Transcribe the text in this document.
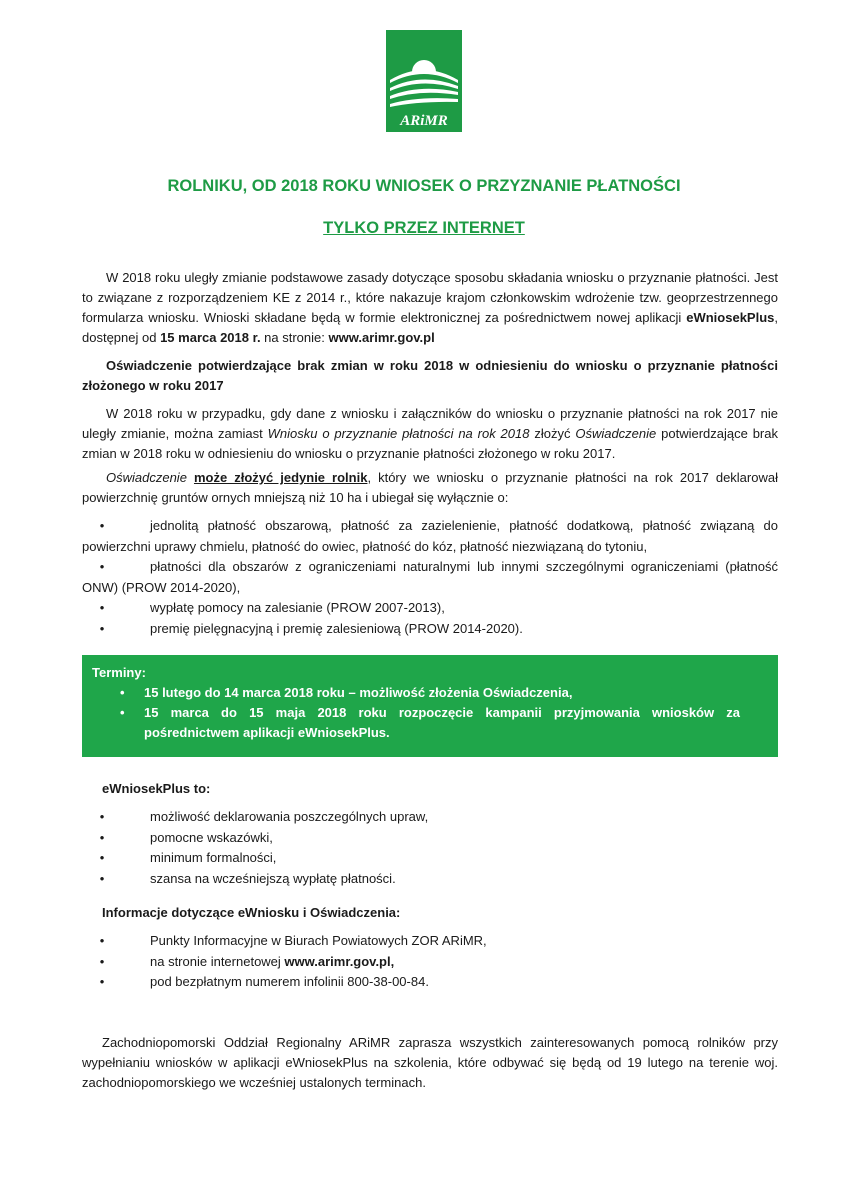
ARiMR
ROLNIKU, OD 2018 ROKU WNIOSEK O PRZYZNANIE PŁATNOŚCI
TYLKO PRZEZ INTERNET

W 2018 roku uległy zmianie podstawowe zasady dotyczące sposobu składania wniosku o przyznanie płatności. Jest to związane z rozporządzeniem KE z 2014 r., które nakazuje krajom członkowskim wdrożenie tzw. geoprzestrzennego formularza wniosku. Wnioski składane będą w formie elektronicznej za pośrednictwem nowej aplikacji eWniosekPlus, dostępnej od 15 marca 2018 r. na stronie: www.arimr.gov.pl

Oświadczenie potwierdzające brak zmian w roku 2018 w odniesieniu do wniosku o przyznanie płatności złożonego w roku 2017

W 2018 roku w przypadku, gdy dane z wniosku i załączników do wniosku o przyznanie płatności na rok 2017 nie uległy zmianie, można zamiast Wniosku o przyznanie płatności na rok 2018 złożyć Oświadczenie potwierdzające brak zmian w 2018 roku w odniesieniu do wniosku o przyznanie płatności złożonego w roku 2017.

Oświadczenie może złożyć jedynie rolnik, który we wniosku o przyznanie płatności na rok 2017 deklarował powierzchnię gruntów ornych mniejszą niż 10 ha i ubiegał się wyłącznie o:

• jednolitą płatność obszarową, płatność za zazielenienie, płatność dodatkową, płatność związaną do powierzchni uprawy chmielu, płatność do owiec, płatność do kóz, płatność niezwiązaną do tytoniu,
• płatności dla obszarów z ograniczeniami naturalnymi lub innymi szczególnymi ograniczeniami (płatność ONW) (PROW 2014-2020),
• wypłatę pomocy na zalesianie (PROW 2007-2013),
• premię pielęgnacyjną i premię zalesieniową (PROW 2014-2020).

Terminy:

• 15 lutego do 14 marca 2018 roku – możliwość złożenia Oświadczenia,
• 15 marca do 15 maja 2018 roku rozpoczęcie kampanii przyjmowania wniosków za pośrednictwem aplikacji eWniosekPlus.

eWniosekPlus to:

• możliwość deklarowania poszczególnych upraw,
• pomocne wskazówki,
• minimum formalności,
• szansa na wcześniejszą wypłatę płatności.

Informacje dotyczące eWniosku i Oświadczenia:

• Punkty Informacyjne w Biurach Powiatowych ZOR ARiMR,
• na stronie internetowej www.arimr.gov.pl,
• pod bezpłatnym numerem infolinii 800-38-00-84.

Zachodniopomorski Oddział Regionalny ARiMR zaprasza wszystkich zainteresowanych pomocą rolników przy wypełnianiu wniosków w aplikacji eWniosekPlus na szkolenia, które odbywać się będą od 19 lutego na terenie woj. zachodniopomorskiego we wcześniej ustalonych terminach.
